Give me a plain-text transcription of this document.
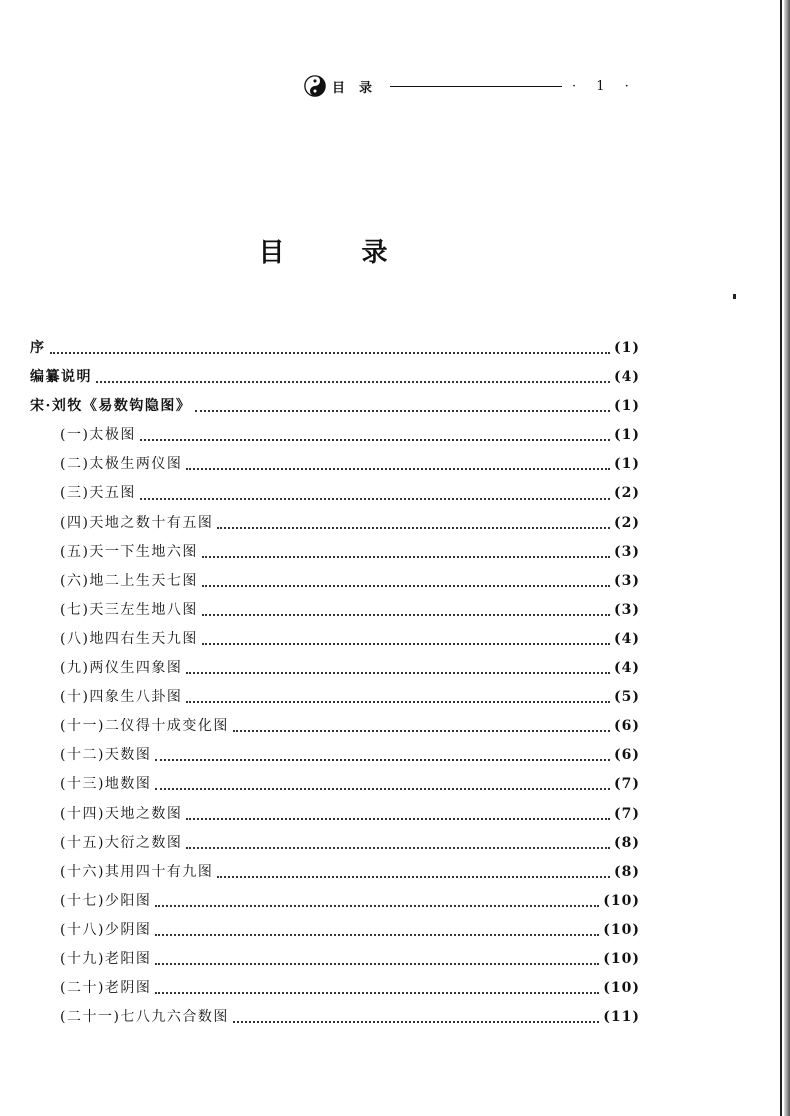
目录	· 1 ·
目 录
序	(1)
编纂说明	(4)
宋·刘牧《易数钩隐图》	(1)
(一)太极图	(1)
(二)太极生两仪图	(1)
(三)天五图	(2)
(四)天地之数十有五图	(2)
(五)天一下生地六图	(3)
(六)地二上生天七图	(3)
(七)天三左生地八图	(3)
(八)地四右生天九图	(4)
(九)两仪生四象图	(4)
(十)四象生八卦图	(5)
(十一)二仪得十成变化图	(6)
(十二)天数图	(6)
(十三)地数图	(7)
(十四)天地之数图	(7)
(十五)大衍之数图	(8)
(十六)其用四十有九图	(8)
(十七)少阳图	(10)
(十八)少阴图	(10)
(十九)老阳图	(10)
(二十)老阴图	(10)
(二十一)七八九六合数图	(11)
